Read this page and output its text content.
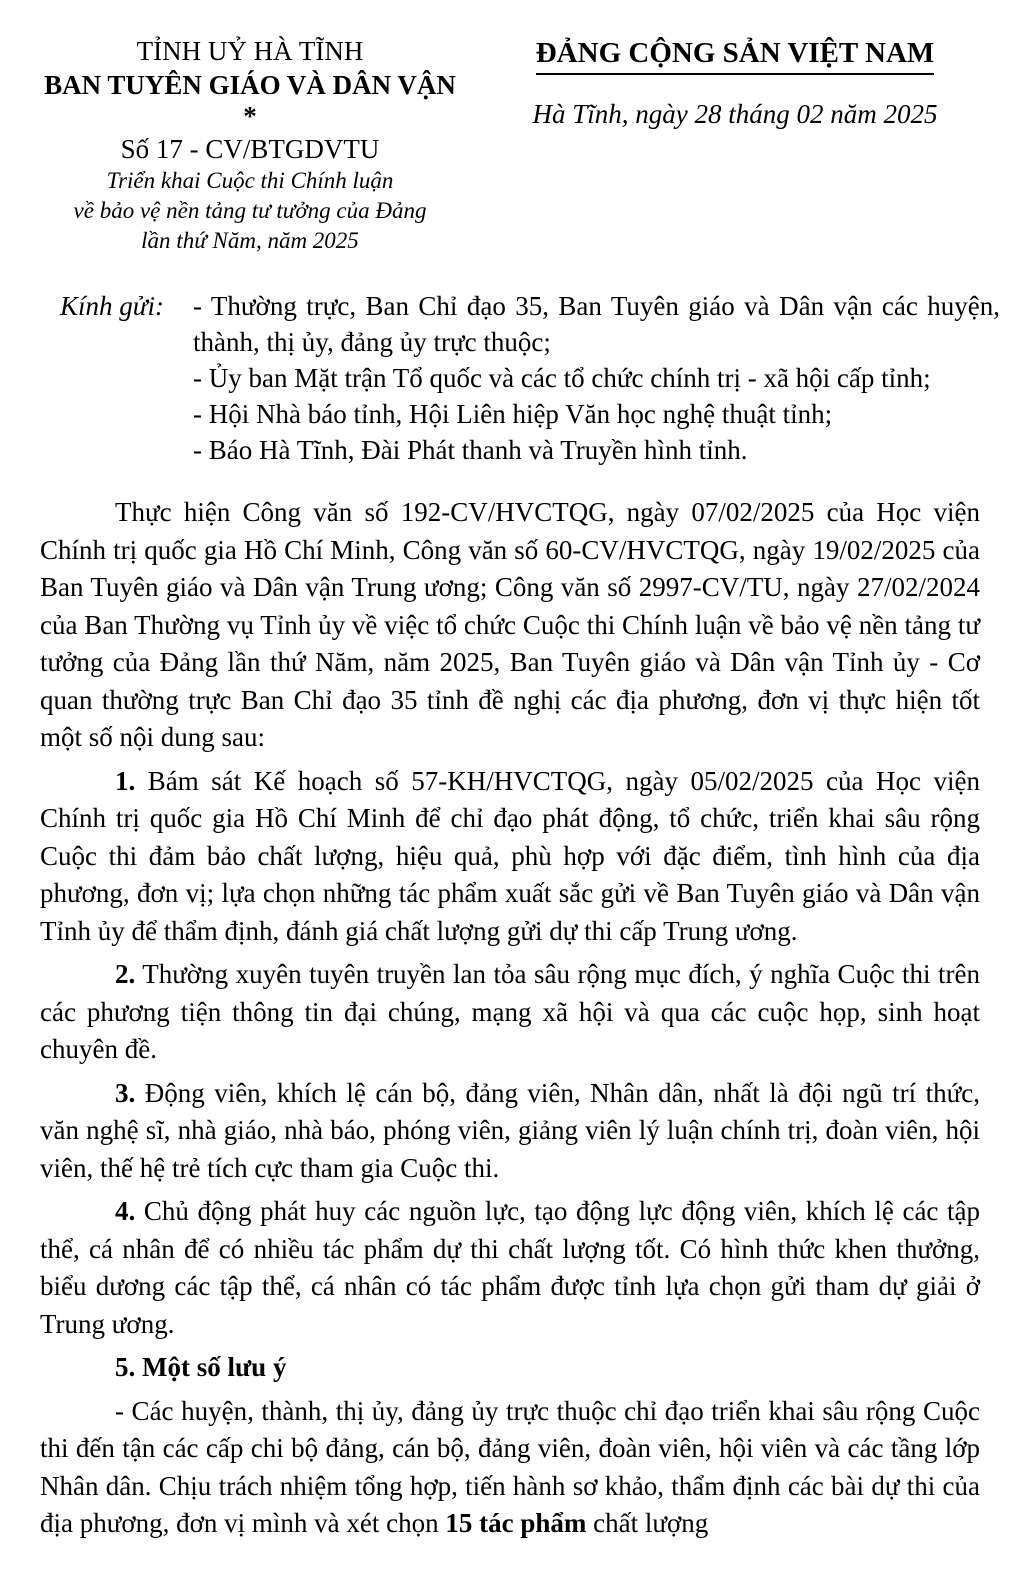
TỈNH UỶ HÀ TĨNH
BAN TUYÊN GIÁO VÀ DÂN VẬN
*
Số 17 - CV/BTGDVTU
Triển khai Cuộc thi Chính luận
về bảo vệ nền tảng tư tưởng của Đảng
lần thứ Năm, năm 2025
ĐẢNG CỘNG SẢN VIỆT NAM
Hà Tĩnh, ngày 28 tháng 02 năm 2025
Kính gửi: - Thường trực, Ban Chỉ đạo 35, Ban Tuyên giáo và Dân vận các huyện, thành, thị ủy, đảng ủy trực thuộc;
- Ủy ban Mặt trận Tổ quốc và các tổ chức chính trị - xã hội cấp tỉnh;
- Hội Nhà báo tỉnh, Hội Liên hiệp Văn học nghệ thuật tỉnh;
- Báo Hà Tĩnh, Đài Phát thanh và Truyền hình tỉnh.

Thực hiện Công văn số 192-CV/HVCTQG, ngày 07/02/2025 của Học viện Chính trị quốc gia Hồ Chí Minh, Công văn số 60-CV/HVCTQG, ngày 19/02/2025 của Ban Tuyên giáo và Dân vận Trung ương; Công văn số 2997-CV/TU, ngày 27/02/2024 của Ban Thường vụ Tỉnh ủy về việc tổ chức Cuộc thi Chính luận về bảo vệ nền tảng tư tưởng của Đảng lần thứ Năm, năm 2025, Ban Tuyên giáo và Dân vận Tỉnh ủy - Cơ quan thường trực Ban Chỉ đạo 35 tỉnh đề nghị các địa phương, đơn vị thực hiện tốt một số nội dung sau:

1. Bám sát Kế hoạch số 57-KH/HVCTQG, ngày 05/02/2025 của Học viện Chính trị quốc gia Hồ Chí Minh để chỉ đạo phát động, tổ chức, triển khai sâu rộng Cuộc thi đảm bảo chất lượng, hiệu quả, phù hợp với đặc điểm, tình hình của địa phương, đơn vị; lựa chọn những tác phẩm xuất sắc gửi về Ban Tuyên giáo và Dân vận Tỉnh ủy để thẩm định, đánh giá chất lượng gửi dự thi cấp Trung ương.

2. Thường xuyên tuyên truyền lan tỏa sâu rộng mục đích, ý nghĩa Cuộc thi trên các phương tiện thông tin đại chúng, mạng xã hội và qua các cuộc họp, sinh hoạt chuyên đề.

3. Động viên, khích lệ cán bộ, đảng viên, Nhân dân, nhất là đội ngũ trí thức, văn nghệ sĩ, nhà giáo, nhà báo, phóng viên, giảng viên lý luận chính trị, đoàn viên, hội viên, thế hệ trẻ tích cực tham gia Cuộc thi.

4. Chủ động phát huy các nguồn lực, tạo động lực động viên, khích lệ các tập thể, cá nhân để có nhiều tác phẩm dự thi chất lượng tốt. Có hình thức khen thưởng, biểu dương các tập thể, cá nhân có tác phẩm được tỉnh lựa chọn gửi tham dự giải ở Trung ương.

5. Một số lưu ý

- Các huyện, thành, thị ủy, đảng ủy trực thuộc chỉ đạo triển khai sâu rộng Cuộc thi đến tận các cấp chi bộ đảng, cán bộ, đảng viên, đoàn viên, hội viên và các tầng lớp Nhân dân. Chịu trách nhiệm tổng hợp, tiến hành sơ khảo, thẩm định các bài dự thi của địa phương, đơn vị mình và xét chọn 15 tác phẩm chất lượng
